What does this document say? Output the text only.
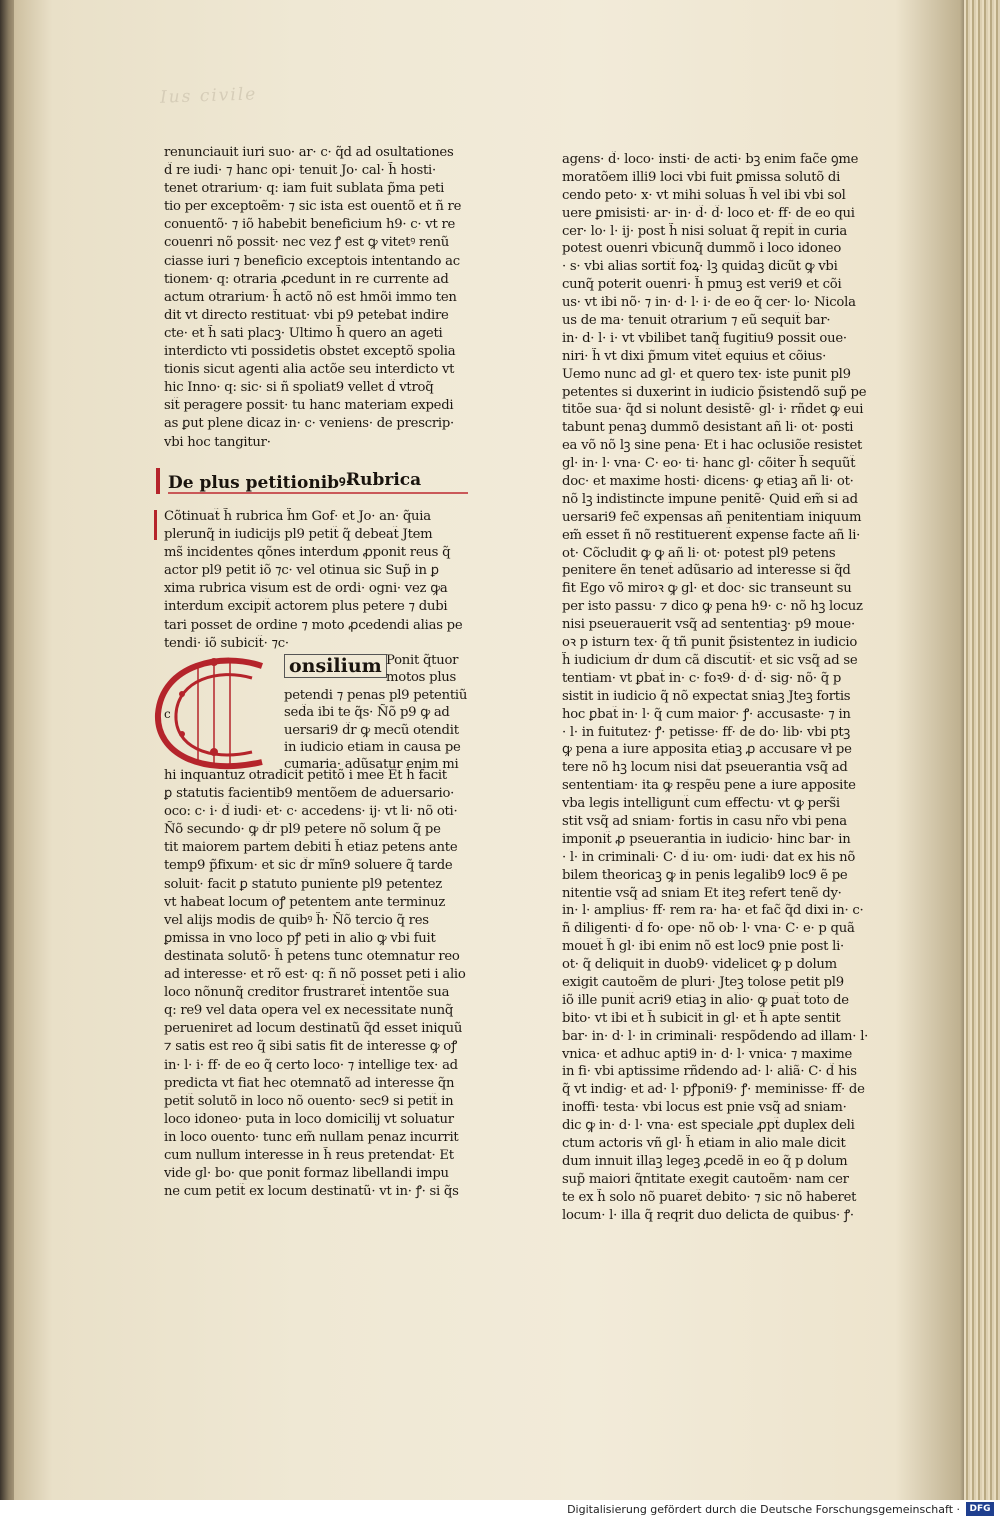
Ius civile
renunciauit iuri suo· ar· c· q̃d ad osultationes
d̃ re iudi· ⁊ hanc opi· tenuit Jo· cal· h̃ hosti·
tenet otrarium· q: iam fuit sublata p̃ma peti
tio per exceptoẽm· ⁊ sic ista est ouentõ et ñ re
conuentõ· ⁊ iõ habebit beneficium h9· c· vt re
couenri nõ possit· nec vez ꝭ est ꝙ vitetꝰ renũ
ciasse iuri ⁊ beneficio exceptois intentando ac
tionem· q: otraria ꝓcedunt in re currente ad
actum otrarium· h̃ actõ nõ est hmõi immo ten
dit vt directo restituat· vbi p9 petebat indire
cte· et h̃ sati placꝫ· Ultimo h̃ quero an ageti
interdicto vti possidetis obstet exceptõ spolia
tionis sicut agenti alia actõe seu interdicto vt
hic Inno· q: sic· si ñ spoliat9 vellet d̃ vtroq̃
sit̃ peragere possit· tu hanc materiam expedi
as ꝑut plene dicaz in· c· veniens· de prescrip·
vbi hoc tangitur·
De plus petitionibꝰ·
Rubrica
Cõtinuat̃ h̃ rubrica h̃m Gof· et Jo· an· q̃uia
plerunq̃ in iudicijs pl9 petit̃ q̃ debeat̃ Jtem
ms̃ incidentes qõnes interdum ꝓponit reus q̃
actor pl9 petit iõ ⁊c· vel otinua sic Sup̃ in ꝑ
xima rubrica visum est de ordi· ogni· vez ꝙa
interdum excipit̃ actorem plus petere ⁊ dubi
tari posset de ordine ⁊ moto ꝓcedendi alias pe
tendi· iõ subicit̃· ⁊c·
c
onsilium Ponit q̃tuor
motos plus
petendi ⁊ penas pl9 petentiũ
sed̃a ibi te q̃s· Ñõ p9 ꝙ ad
uersari9 d̃r ꝙ mecũ otendit
in iudicio etiam in causa pe
cumaria· adũsatur enim mi
hi inquantuz otradicit petitõ i mee Et h̃ facit
ꝑ statutis facientib9 mentõem de aduersario·
oco: c· i· d̃ iudi· et· c· accedens· ij· vt li· nõ oti·
Ñõ secundo· ꝙ d̃r pl9 petere nõ solum q̃ pe
tit maiorem partem debiti h̃ etiaz petens ante
temp9 p̃fixum· et sic d̃r mĩn9 soluere q̃ tarde
soluit· facit ꝑ statuto puniente pl9 petentez
vt habeat locum oꝭ petentem ante terminuz
vel alijs modis de quibꝰ h̃· Ñõ tercio q̃ res
ꝑmissa in vno loco pꝭ peti in alio ꝙ vbi fuit
destinata solutõ· h̃ petens tunc otemnatur reo
ad interesse· et rõ est· q: ñ nõ posset peti i alio
loco nõnunq̃ creditor frustraret̃ intentõe sua
q: re9 vel data opera vel ex necessitate nunq̃
perueniret ad locum destinatũ q̃d esset iniquũ
⁊ satis est reo q̃ sibi satis fit de interesse ꝙ oꝭ
in· l· i· ff· de eo q̃ certo loco· ⁊ intellige tex· ad
predicta vt fiat hec otemnatõ ad interesse q̃n
petit̃ solutõ in loco nõ ouento· sec9 si petit̃ in
loco idoneo· puta in loco domicilij vt soluatur
in loco ouento· tunc em̃ nullam penaz incurrit
cum nullum interesse in h̃ reus pretendat· Et
vide gl· bo· que ponit formaz libellandi impu
ne cum petit̃ ex locum destinatũ· vt in· ꝭ· si q̃s
agens· d̃· loco· insti· de acti· bꝫ enim fac̃e ꝯme
moratõem illi9 loci vbi fuit ꝑmissa solutõ di
cendo peto· x· vt mihi soluas h̃ vel ibi vbi sol
uere ꝑmisisti· ar· in· d̃· d̃· loco et· ff· de eo qui
cer· lo· l· ij· post h̃ nisi soluat q̃ repit̃ in curia
potest ouenri vbicunq̃ dummõ i loco idoneo
· s· vbi alias sortit̃ foꝝ· lꝫ quidaꝫ dicũt ꝙ vbi
cunq̃ poterit ouenri· h̃ pmuꝫ est veri9 et cõi
us· vt ibi nõ· ⁊ in· d· l· i· de eo q̃ cer· lo· Nicola
us de ma· tenuit otrarium ⁊ eũ sequit̃ bar·
in· d· l· i· vt vbilibet tanq̃ fugitiu9 possit oue·
niri· h̃ vt dixi p̃mum vitet̃ equius et cõius·
Uemo nunc ad gl· et quero tex· iste punit pl9
petentes si duxerint in iudicio p̃sistendõ sup̃ pe
titõe sua· q̃d si nolunt desistẽ· gl· i· rñdet ꝙ eui
tabunt penaꝫ dummõ desistant añ li· ot· posti
ea võ nõ lꝫ sine pena· Et i hac oclusiõe resistet
gl· in· l· vna· C· eo· ti· hanc gl· cõiter h̃ sequũt̃
doc· et maxime hosti· dicens· ꝙ etiaꝫ añ li· ot·
nõ lꝫ indistincte impune penitẽ· Quid em̃ si ad
uersari9 fec̃ expensas añ penitentiam iniquum
em̃ esset ñ nõ restituerent̃ expense facte añ li·
ot· Cõcludit ꝙ ꝙ añ li· ot· potest pl9 petens
penitere ẽn tenet̃ adũsario ad interesse si q̃d
fit Ego võ miroꝛ ꝙ gl· et doc· sic transeunt su
per isto passu· ⁊ dico ꝙ pena h9· c· nõ hꝫ locuz
nisi pseuerauerit vsq̃ ad sententiaꝫ· p9 moue·
oꝛ p isturn tex· q̃ tñ punit p̃sistentez in iudicio
h̃ iudicium d̃r dum cã discutit̃· et sic vsq̃ ad se
tentiam· vt ꝑbat̃ in· c· foꝛ9· d̃· d̃· sig· nõ· q̃ p
sistit in iudicio q̃ nõ expectat sniaꝫ Jteꝫ fortis
hoc ꝑbat̃ in· l· q̃ cum maior· ꝭ· accusaste· ⁊ in
· l· in fuitutez· ꝭ· petisse· ff· de do· lib· vbi ptꝫ
ꝙ pena a iure apposita etiaꝫ ꝓ accusare vł pe
tere nõ hꝫ locum nisi dat̃ pseuerantia vsq̃ ad
sententiam· ita ꝙ respẽu pene a iure apposite
vba legis intelligunt̃ cum effectu· vt ꝙ pers̃i
stit vsq̃ ad sniam· fortis in casu nr̃o vbi pena
imponit̃ ꝓ pseuerantia in iudicio· hinc bar· in
· l· in criminali· C· d̃ iu· om· iudi· dat ex his nõ
bilem theoricaꝫ ꝙ in penis legalib9 loc9 ẽ pe
nitentie vsq̃ ad sniam Et iteꝫ refert tenẽ dy·
in· l· amplius· ff· rem ra· ha· et fac̃ q̃d dixi in· c·
ñ diligenti· d̃ fo· ope· nõ ob· l· vna· C· e· p quã
mouet̃ h̃ gl· ibi enim nõ est loc9 pnie post li·
ot· q̃ deliquit in duob9· videlicet ꝙ p dolum
exigit cautoẽm de pluri· Jteꝫ tolose petit pl9
iõ ille punit̃ acri9 etiaꝫ in alio· ꝙ ꝑuat̃ toto de
bito· vt ibi et h̃ subicit̃ in gl· et h̃ apte sentit
bar· in· d· l· in criminali· respõdendo ad illam· l·
vnica· et adhuc apti9 in· d· l· vnica· ⁊ maxime
in fi· vbi aptissime rñdendo ad· l· aliã· C· d̃ his
q̃ vt indig· et ad· l· pꝭponi9· ꝭ· meminisse· ff· de
inoffi· testa· vbi locus est pnie vsq̃ ad sniam·
dic ꝙ in· d· l· vna· est speciale ꝓpt̃ duplex deli
ctum actoris vñ gl· h̃ etiam in alio male dicit
dum innuit illaꝫ legeꝫ ꝓcedẽ in eo q̃ p dolum
sup̃ maiori q̃ntitate exegit cautoẽm· nam cer
te ex h̃ solo nõ puaret̃ debito· ⁊ sic nõ haberet
locum· l· illa q̃ reqrit duo delicta de quibus· ꝭ·
Digitalisierung gefördert durch die Deutsche Forschungsgemeinschaft ·	DFG
